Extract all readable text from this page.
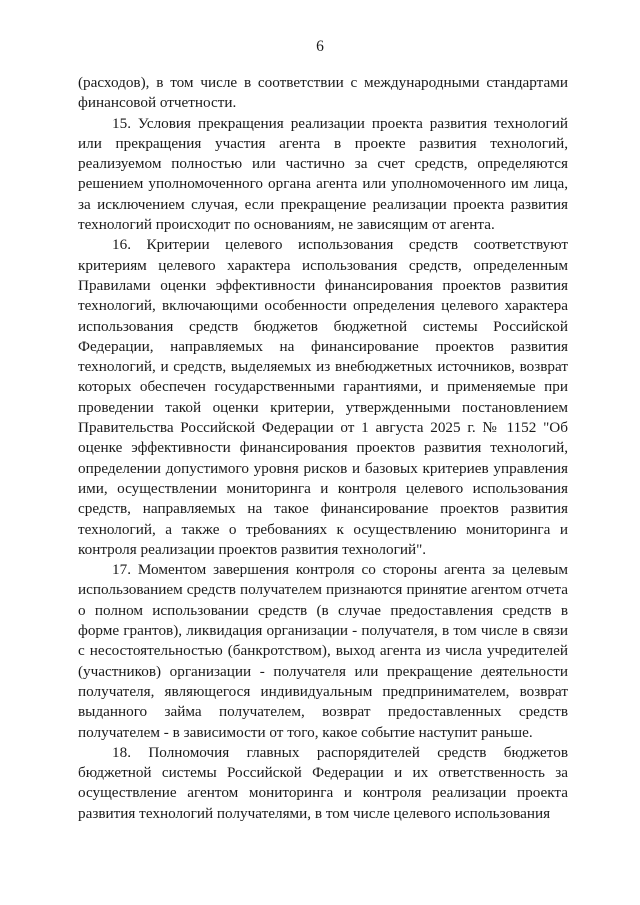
6

(расходов), в том числе в соответствии с международными стандартами финансовой отчетности.

15. Условия прекращения реализации проекта развития технологий или прекращения участия агента в проекте развития технологий, реализуемом полностью или частично за счет средств, определяются решением уполномоченного органа агента или уполномоченного им лица, за исключением случая, если прекращение реализации проекта развития технологий происходит по основаниям, не зависящим от агента.

16. Критерии целевого использования средств соответствуют критериям целевого характера использования средств, определенным Правилами оценки эффективности финансирования проектов развития технологий, включающими особенности определения целевого характера использования средств бюджетов бюджетной системы Российской Федерации, направляемых на финансирование проектов развития технологий, и средств, выделяемых из внебюджетных источников, возврат которых обеспечен государственными гарантиями, и применяемые при проведении такой оценки критерии, утвержденными постановлением Правительства Российской Федерации от 1 августа 2025 г. № 1152 "Об оценке эффективности финансирования проектов развития технологий, определении допустимого уровня рисков и базовых критериев управления ими, осуществлении мониторинга и контроля целевого использования средств, направляемых на такое финансирование проектов развития технологий, а также о требованиях к осуществлению мониторинга и контроля реализации проектов развития технологий".

17. Моментом завершения контроля со стороны агента за целевым использованием средств получателем признаются принятие агентом отчета о полном использовании средств (в случае предоставления средств в форме грантов), ликвидация организации - получателя, в том числе в связи с несостоятельностью (банкротством), выход агента из числа учредителей (участников) организации - получателя или прекращение деятельности получателя, являющегося индивидуальным предпринимателем, возврат выданного займа получателем, возврат предоставленных средств получателем - в зависимости от того, какое событие наступит раньше.

18. Полномочия главных распорядителей средств бюджетов бюджетной системы Российской Федерации и их ответственность за осуществление агентом мониторинга и контроля реализации проекта развития технологий получателями, в том числе целевого использования
